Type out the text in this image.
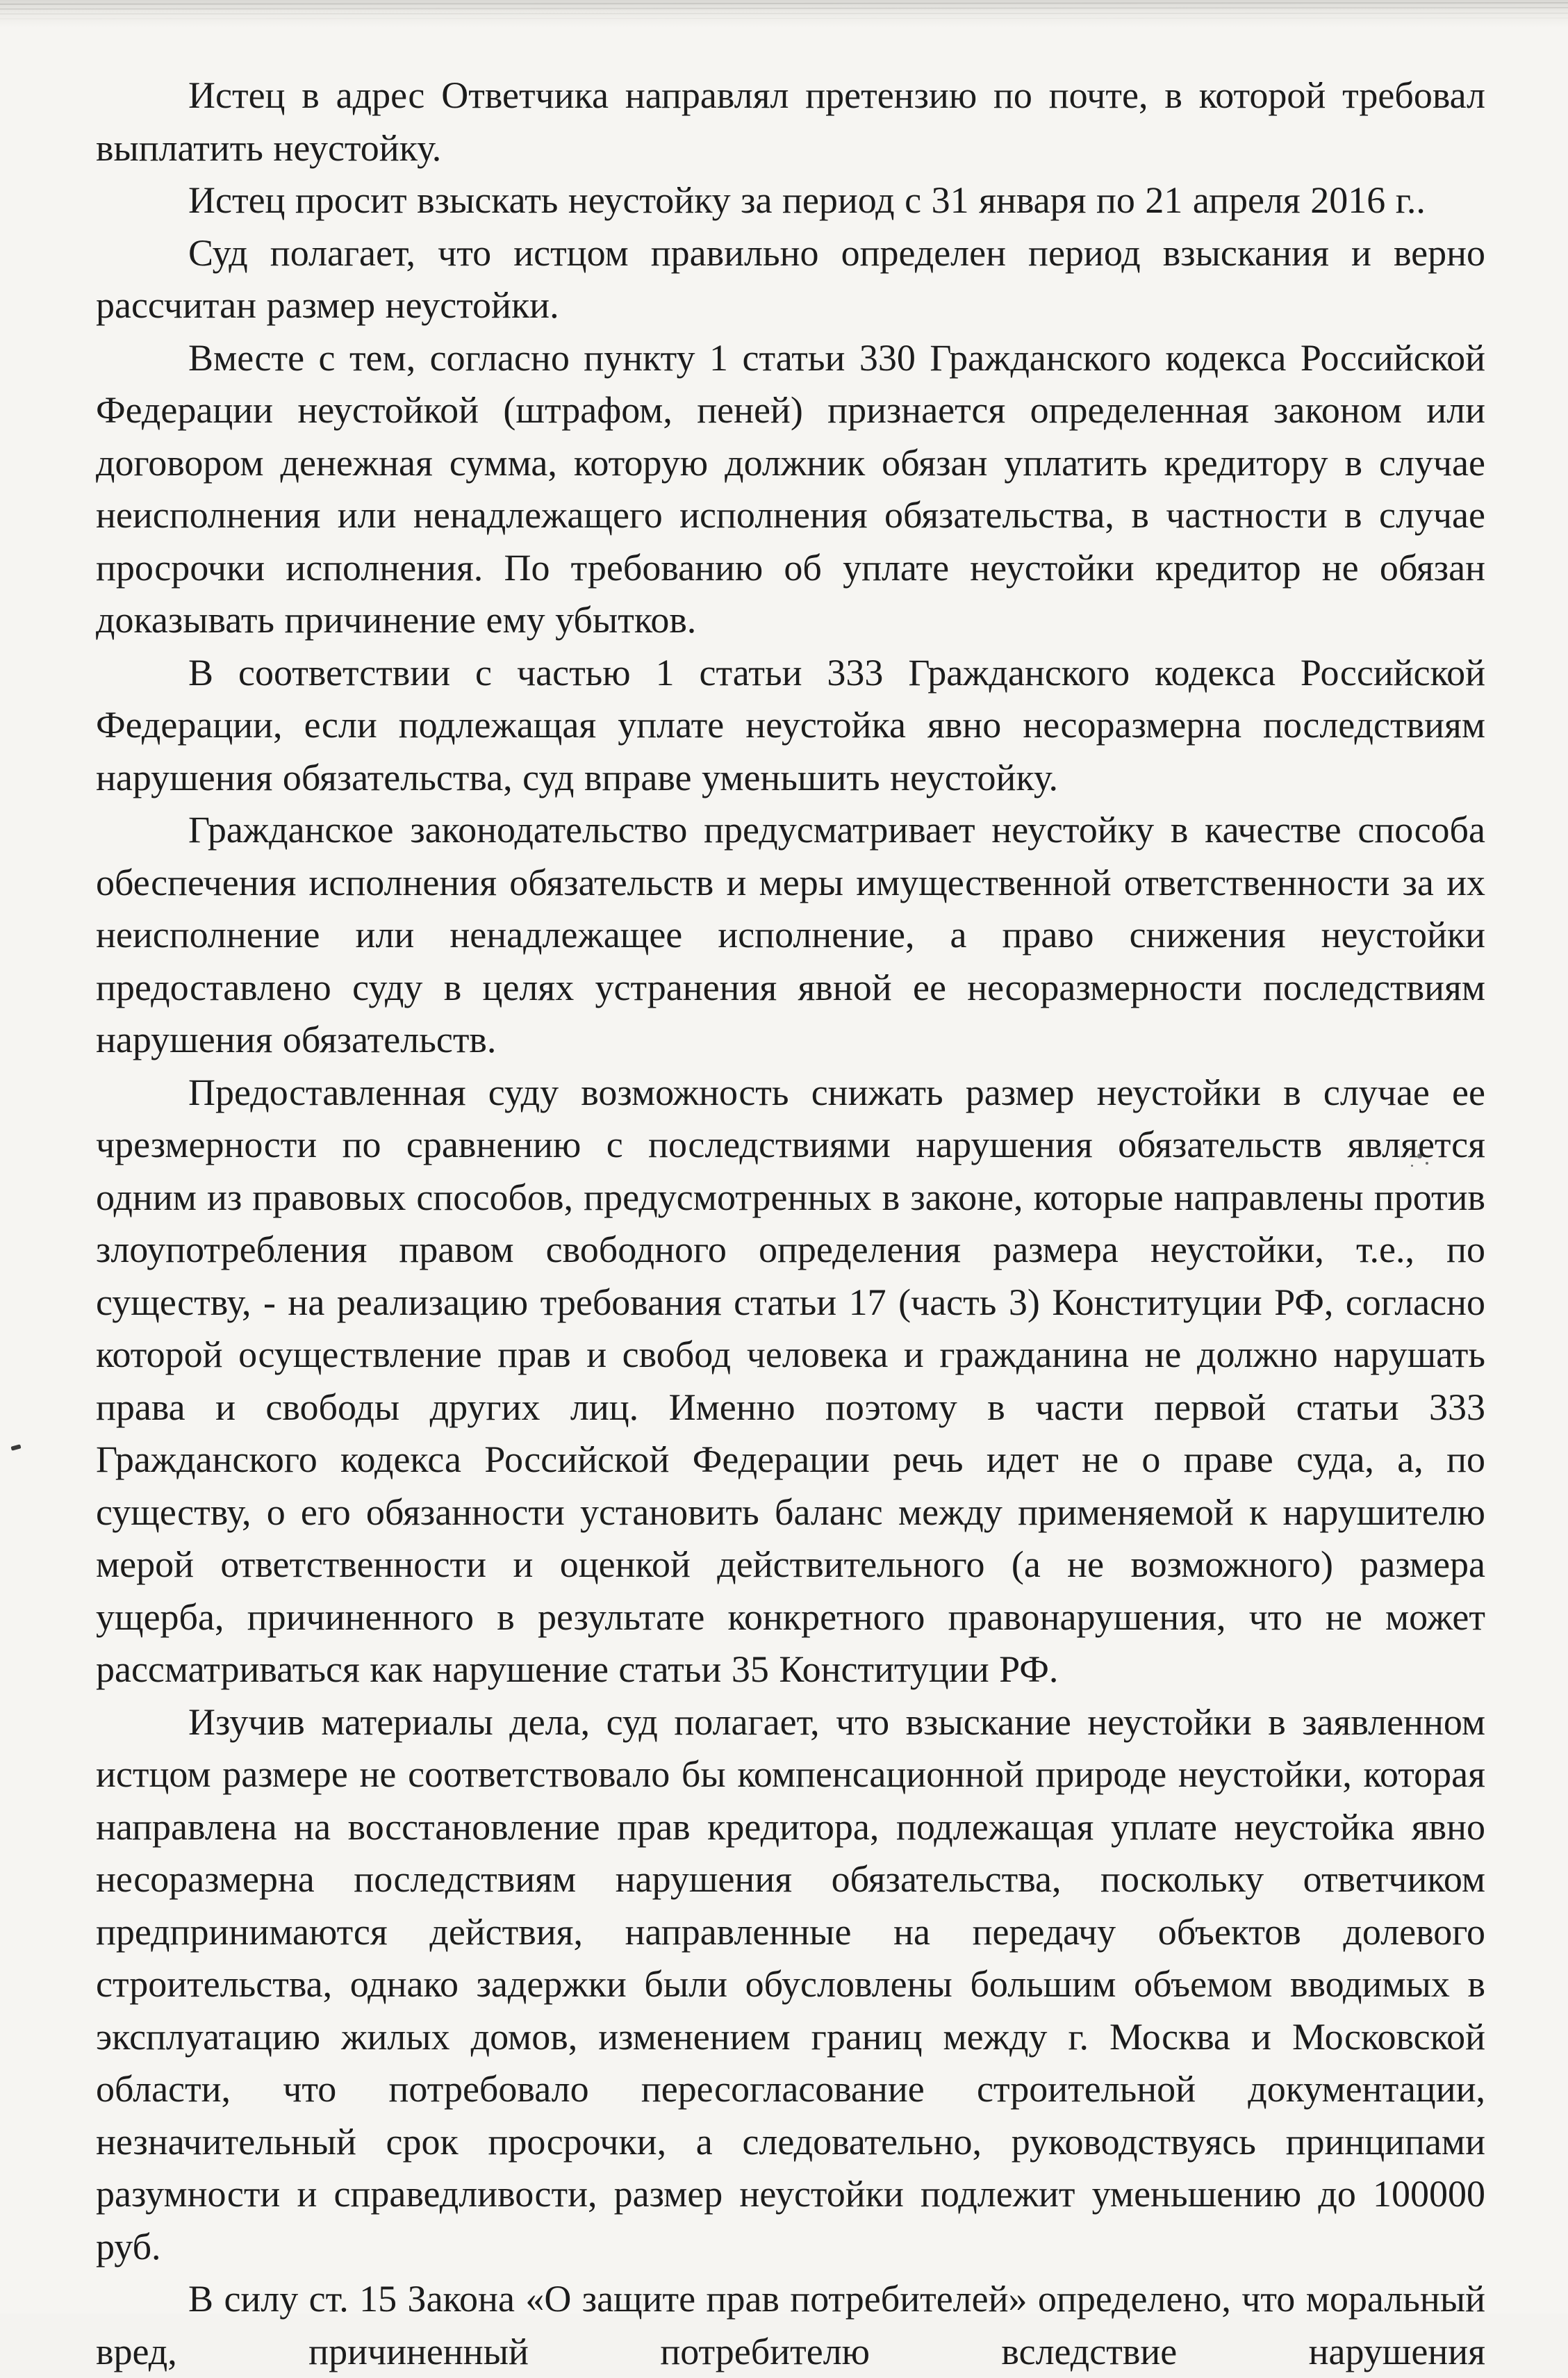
Истец в адрес Ответчика направлял претензию по почте, в которой требовал выплатить неустойку.

Истец просит взыскать неустойку за период с 31 января по 21 апреля 2016 г..

Суд полагает, что истцом правильно определен период взыскания и верно рассчитан размер неустойки.

Вместе с тем, согласно пункту 1 статьи 330 Гражданского кодекса Российской Федерации неустойкой (штрафом, пеней) признается определенная законом или договором денежная сумма, которую должник обязан уплатить кредитору в случае неисполнения или ненадлежащего исполнения обязательства, в частности в случае просрочки исполнения. По требованию об уплате неустойки кредитор не обязан доказывать причинение ему убытков.

В соответствии с частью 1 статьи 333 Гражданского кодекса Российской Федерации, если подлежащая уплате неустойка явно несоразмерна последствиям нарушения обязательства, суд вправе уменьшить неустойку.

Гражданское законодательство предусматривает неустойку в качестве способа обеспечения исполнения обязательств и меры имущественной ответственности за их неисполнение или ненадлежащее исполнение, а право снижения неустойки предоставлено суду в целях устранения явной ее несоразмерности последствиям нарушения обязательств.

Предоставленная суду возможность снижать размер неустойки в случае ее чрезмерности по сравнению с последствиями нарушения обязательств является одним из правовых способов, предусмотренных в законе, которые направлены против злоупотребления правом свободного определения размера неустойки, т.е., по существу, - на реализацию требования статьи 17 (часть 3) Конституции РФ, согласно которой осуществление прав и свобод человека и гражданина не должно нарушать права и свободы других лиц. Именно поэтому в части первой статьи 333 Гражданского кодекса Российской Федерации речь идет не о праве суда, а, по существу, о его обязанности установить баланс между применяемой к нарушителю мерой ответственности и оценкой действительного (а не возможного) размера ущерба, причиненного в результате конкретного правонарушения, что не может рассматриваться как нарушение статьи 35 Конституции РФ.

Изучив материалы дела, суд полагает, что взыскание неустойки в заявленном истцом размере не соответствовало бы компенсационной природе неустойки, которая направлена на восстановление прав кредитора, подлежащая уплате неустойка явно несоразмерна последствиям нарушения обязательства, поскольку ответчиком предпринимаются действия, направленные на передачу объектов долевого строительства, однако задержки были обусловлены большим объемом вводимых в эксплуатацию жилых домов, изменением границ между г. Москва и Московской области, что потребовало пересогласование строительной документации, незначительный срок просрочки, а следовательно, руководствуясь принципами разумности и справедливости, размер неустойки подлежит уменьшению до 100000 руб.

В силу ст. 15 Закона «О защите прав потребителей» определено, что моральный вред, причиненный потребителю вследствие нарушения
